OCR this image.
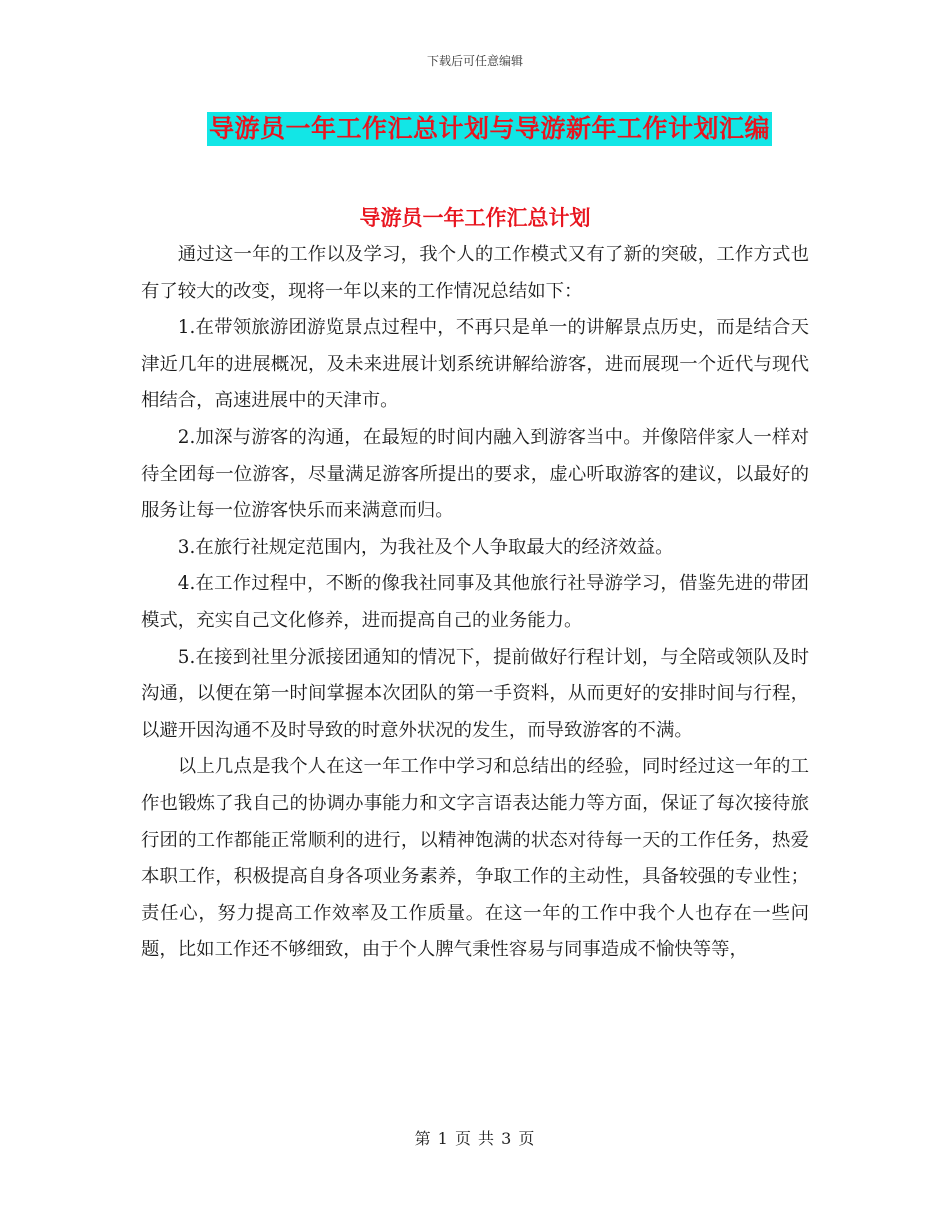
下载后可任意编辑
导游员一年工作汇总计划与导游新年工作计划汇编
导游员一年工作汇总计划

通过这一年的工作以及学习，我个人的工作模式又有了新的突破，工作方式也有了较大的改变，现将一年以来的工作情况总结如下：

1.在带领旅游团游览景点过程中，不再只是单一的讲解景点历史，而是结合天津近几年的进展概况，及未来进展计划系统讲解给游客，进而展现一个近代与现代相结合，高速进展中的天津市。

2.加深与游客的沟通，在最短的时间内融入到游客当中。并像陪伴家人一样对待全团每一位游客，尽量满足游客所提出的要求，虚心听取游客的建议，以最好的服务让每一位游客快乐而来满意而归。

3.在旅行社规定范围内，为我社及个人争取最大的经济效益。

4.在工作过程中，不断的像我社同事及其他旅行社导游学习，借鉴先进的带团模式，充实自己文化修养，进而提高自己的业务能力。

5.在接到社里分派接团通知的情况下，提前做好行程计划，与全陪或领队及时沟通，以便在第一时间掌握本次团队的第一手资料，从而更好的安排时间与行程，以避开因沟通不及时导致的时意外状况的发生，而导致游客的不满。

以上几点是我个人在这一年工作中学习和总结出的经验，同时经过这一年的工作也锻炼了我自己的协调办事能力和文字言语表达能力等方面，保证了每次接待旅行团的工作都能正常顺利的进行，以精神饱满的状态对待每一天的工作任务，热爱本职工作，积极提高自身各项业务素养，争取工作的主动性，具备较强的专业性；责任心，努力提高工作效率及工作质量。在这一年的工作中我个人也存在一些问题，比如工作还不够细致，由于个人脾气秉性容易与同事造成不愉快等等，

第 1 页 共 3 页
